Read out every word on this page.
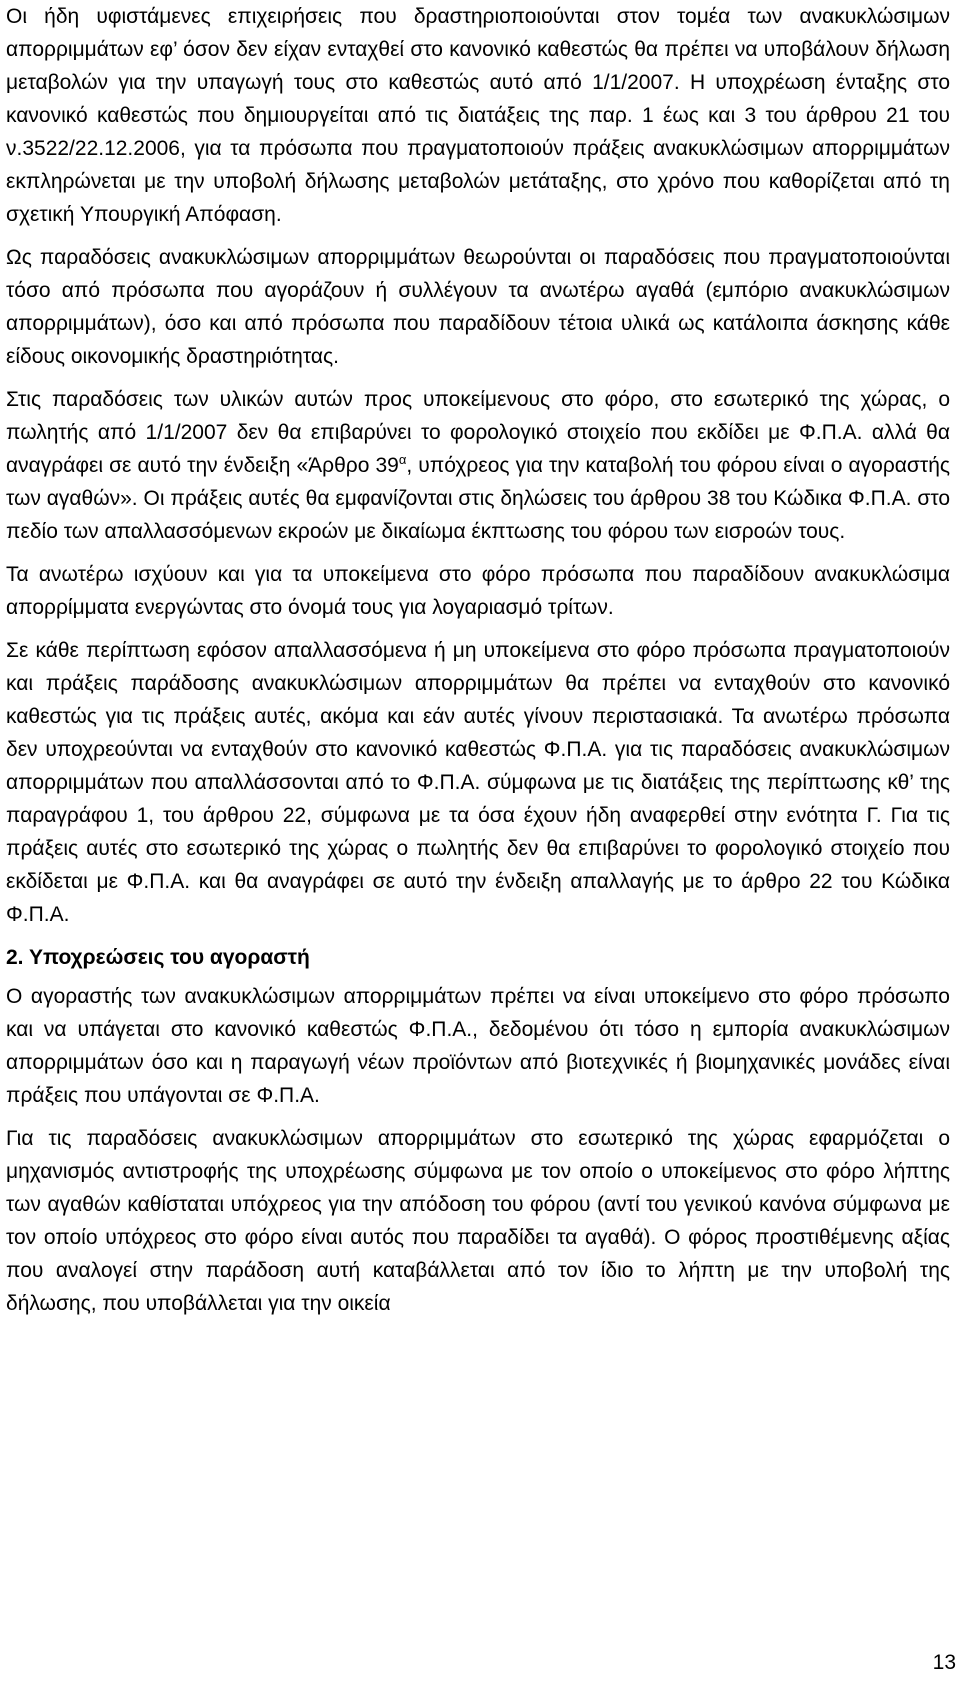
Οι ήδη υφιστάμενες επιχειρήσεις που δραστηριοποιούνται στον τομέα των ανακυκλώσιμων απορριμμάτων εφ’ όσον δεν είχαν ενταχθεί στο κανονικό καθεστώς θα πρέπει να υποβάλουν δήλωση μεταβολών για την υπαγωγή τους στο καθεστώς αυτό από 1/1/2007. Η υποχρέωση ένταξης στο κανονικό καθεστώς που δημιουργείται από τις διατάξεις της παρ. 1 έως και 3 του άρθρου 21 του ν.3522/22.12.2006, για τα πρόσωπα που πραγματοποιούν πράξεις ανακυκλώσιμων απορριμμάτων εκπληρώνεται με την υποβολή δήλωσης μεταβολών μετάταξης, στο χρόνο που καθορίζεται από τη σχετική Υπουργική Απόφαση.

Ως παραδόσεις ανακυκλώσιμων απορριμμάτων θεωρούνται οι παραδόσεις που πραγματοποιούνται τόσο από πρόσωπα που αγοράζουν ή συλλέγουν τα ανωτέρω αγαθά (εμπόριο ανακυκλώσιμων απορριμμάτων), όσο και από πρόσωπα που παραδίδουν τέτοια υλικά ως κατάλοιπα άσκησης κάθε είδους οικονομικής δραστηριότητας.

Στις παραδόσεις των υλικών αυτών προς υποκείμενους στο φόρο, στο εσωτερικό της χώρας, ο πωλητής από 1/1/2007 δεν θα επιβαρύνει το φορολογικό στοιχείο που εκδίδει με Φ.Π.Α. αλλά θα αναγράφει σε αυτό την ένδειξη «Άρθρο $39^\alpha$, υπόχρεος για την καταβολή του φόρου είναι ο αγοραστής των αγαθών». Οι πράξεις αυτές θα εμφανίζονται στις δηλώσεις του άρθρου 38 του Κώδικα Φ.Π.Α. στο πεδίο των απαλλασσόμενων εκροών με δικαίωμα έκπτωσης του φόρου των εισροών τους.

Τα ανωτέρω ισχύουν και για τα υποκείμενα στο φόρο πρόσωπα που παραδίδουν ανακυκλώσιμα απορρίμματα ενεργώντας στο όνομά τους για λογαριασμό τρίτων.

Σε κάθε περίπτωση εφόσον απαλλασσόμενα ή μη υποκείμενα στο φόρο πρόσωπα πραγματοποιούν και πράξεις παράδοσης ανακυκλώσιμων απορριμμάτων θα πρέπει να ενταχθούν στο κανονικό καθεστώς για τις πράξεις αυτές, ακόμα και εάν αυτές γίνουν περιστασιακά. Τα ανωτέρω πρόσωπα δεν υποχρεούνται να ενταχθούν στο κανονικό καθεστώς Φ.Π.Α. για τις παραδόσεις ανακυκλώσιμων απορριμμάτων που απαλλάσσονται από το Φ.Π.Α. σύμφωνα με τις διατάξεις της περίπτωσης κθ’ της παραγράφου 1, του άρθρου 22, σύμφωνα με τα όσα έχουν ήδη αναφερθεί στην ενότητα Γ. Για τις πράξεις αυτές στο εσωτερικό της χώρας ο πωλητής δεν θα επιβαρύνει το φορολογικό στοιχείο που εκδίδεται με Φ.Π.Α. και θα αναγράφει σε αυτό την ένδειξη απαλλαγής με το άρθρο 22 του Κώδικα Φ.Π.Α.

2. Υποχρεώσεις του αγοραστή

Ο αγοραστής των ανακυκλώσιμων απορριμμάτων πρέπει να είναι υποκείμενο στο φόρο πρόσωπο και να υπάγεται στο κανονικό καθεστώς Φ.Π.Α., δεδομένου ότι τόσο η εμπορία ανακυκλώσιμων απορριμμάτων όσο και η παραγωγή νέων προϊόντων από βιοτεχνικές ή βιομηχανικές μονάδες είναι πράξεις που υπάγονται σε Φ.Π.Α.

Για τις παραδόσεις ανακυκλώσιμων απορριμμάτων στο εσωτερικό της χώρας εφαρμόζεται ο μηχανισμός αντιστροφής της υποχρέωσης σύμφωνα με τον οποίο ο υποκείμενος στο φόρο λήπτης των αγαθών καθίσταται υπόχρεος για την απόδοση του φόρου (αντί του γενικού κανόνα σύμφωνα με τον οποίο υπόχρεος στο φόρο είναι αυτός που παραδίδει τα αγαθά). Ο φόρος προστιθέμενης αξίας που αναλογεί στην παράδοση αυτή καταβάλλεται από τον ίδιο το λήπτη με την υποβολή της δήλωσης, που υποβάλλεται για την οικεία

13
